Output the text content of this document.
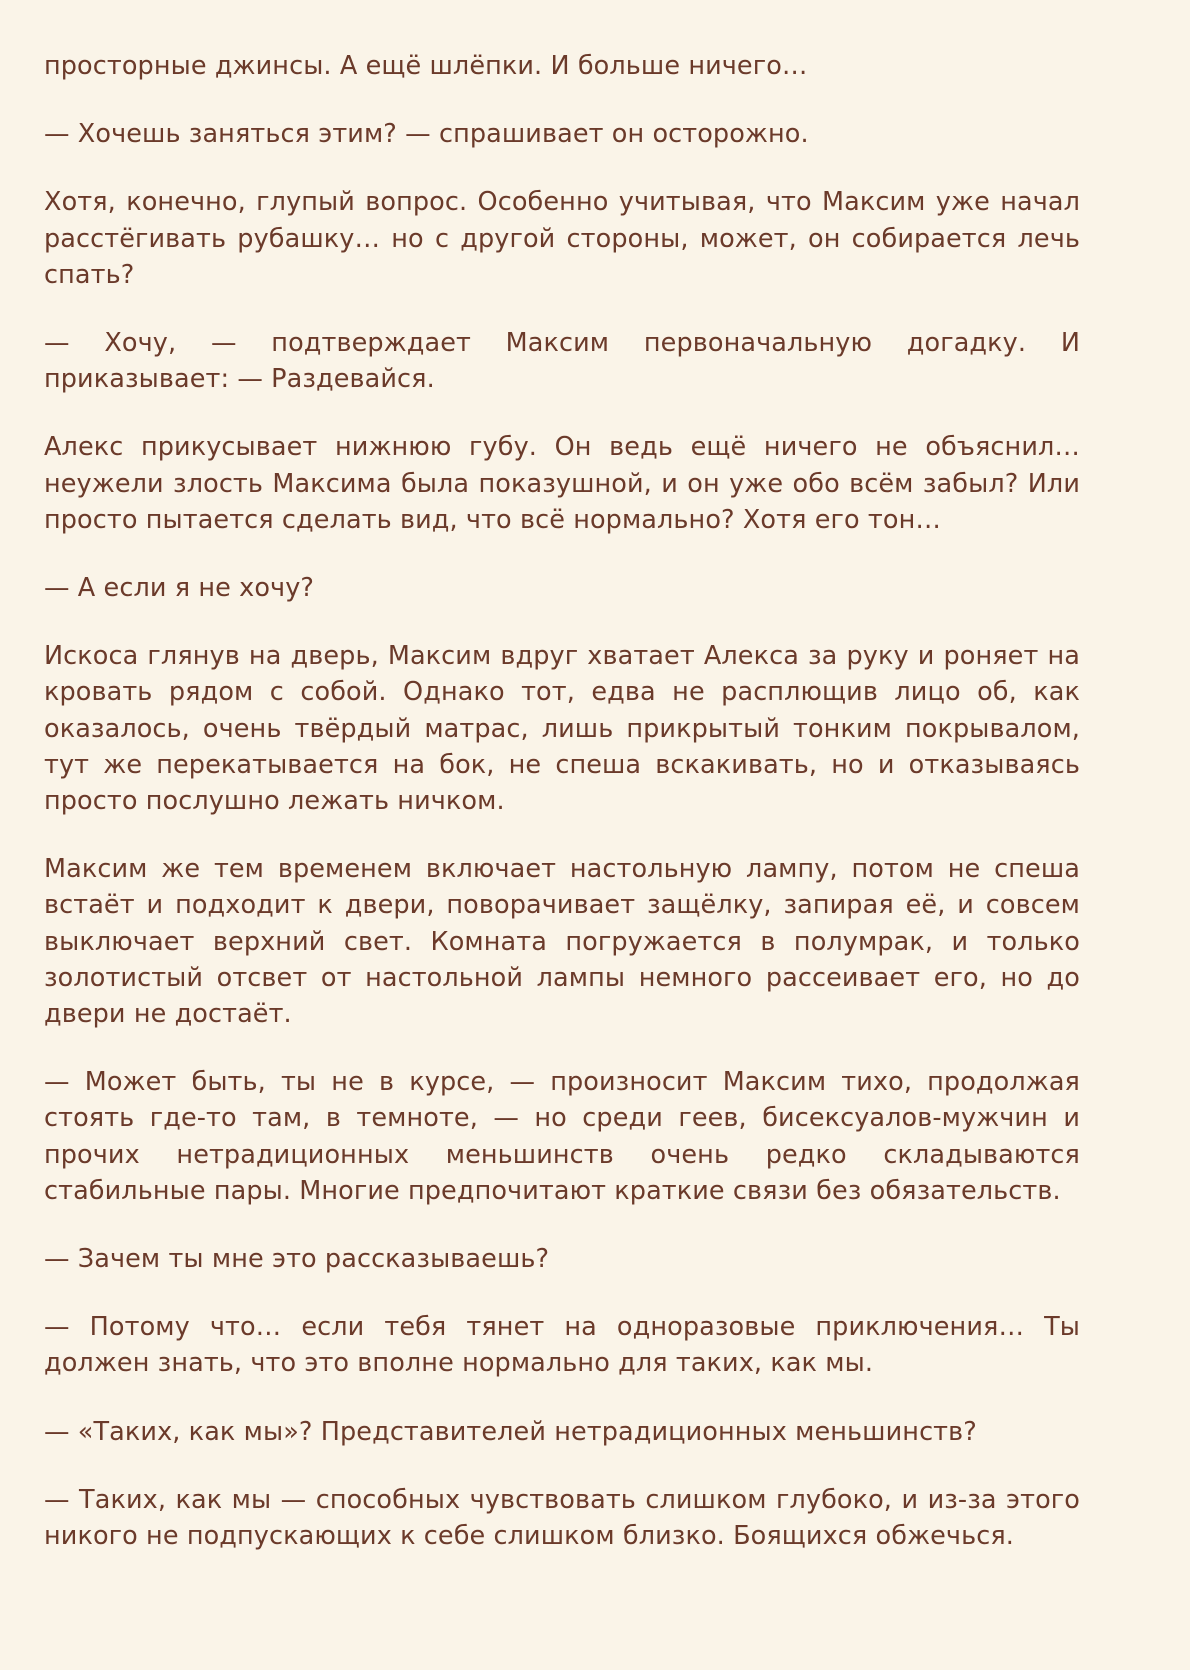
просторные джинсы. А ещё шлёпки. И больше ничего…

— Хочешь заняться этим? — спрашивает он осторожно.

Хотя, конечно, глупый вопрос. Особенно учитывая, что Максим уже начал расстёгивать рубашку… но с другой стороны, может, он собирается лечь спать?

— Хочу, — подтверждает Максим первоначальную догадку. И приказывает: — Раздевайся.

Алекс прикусывает нижнюю губу. Он ведь ещё ничего не объяснил… неужели злость Максима была показушной, и он уже обо всём забыл? Или просто пытается сделать вид, что всё нормально? Хотя его тон…

— А если я не хочу?

Искоса глянув на дверь, Максим вдруг хватает Алекса за руку и роняет на кровать рядом с собой. Однако тот, едва не расплющив лицо об, как оказалось, очень твёрдый матрас, лишь прикрытый тонким покрывалом, тут же перекатывается на бок, не спеша вскакивать, но и отказываясь просто послушно лежать ничком.

Максим же тем временем включает настольную лампу, потом не спеша встаёт и подходит к двери, поворачивает защёлку, запирая её, и совсем выключает верхний свет. Комната погружается в полумрак, и только золотистый отсвет от настольной лампы немного рассеивает его, но до двери не достаёт.

— Может быть, ты не в курсе, — произносит Максим тихо, продолжая стоять где-то там, в темноте, — но среди геев, бисексуалов-мужчин и прочих нетрадиционных меньшинств очень редко складываются стабильные пары. Многие предпочитают краткие связи без обязательств.

— Зачем ты мне это рассказываешь?

— Потому что… если тебя тянет на одноразовые приключения… Ты должен знать, что это вполне нормально для таких, как мы.

— «Таких, как мы»? Представителей нетрадиционных меньшинств?

— Таких, как мы — способных чувствовать слишком глубоко, и из-за этого никого не подпускающих к себе слишком близко. Боящихся обжечься.
